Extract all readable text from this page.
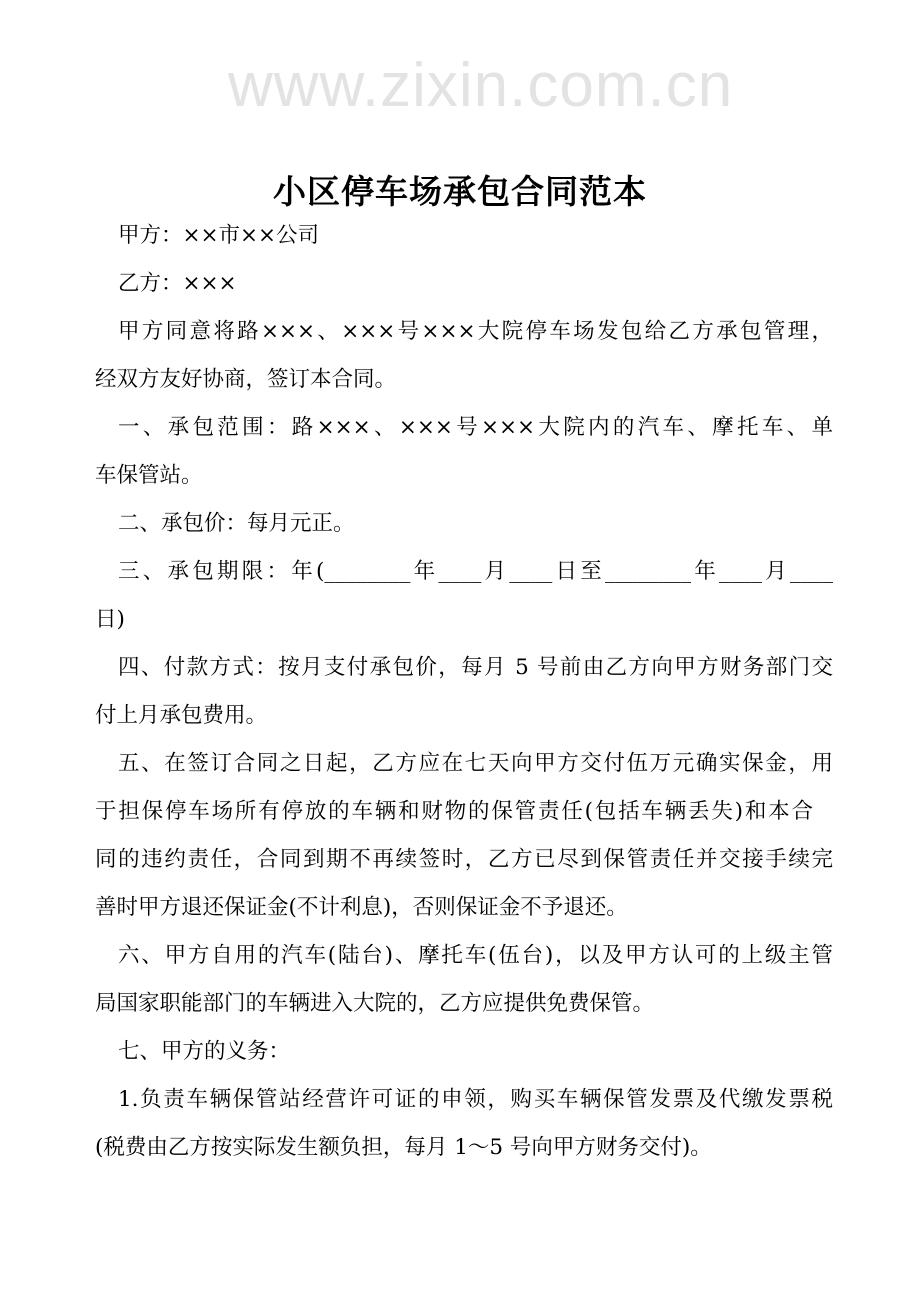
www.zixin.com.cn
小区停车场承包合同范本
甲方：××市××公司
乙方：×××
甲方同意将路×××、×××号×××大院停车场发包给乙方承包管理，
经双方友好协商，签订本合同。
一、承包范围：路×××、×××号×××大院内的汽车、摩托车、单
车保管站。
二、承包价：每月元正。
三、承包期限：年(________年____月____日至________年____月____
日)
四、付款方式：按月支付承包价，每月 5 号前由乙方向甲方财务部门交
付上月承包费用。
五、在签订合同之日起，乙方应在七天向甲方交付伍万元确实保金，用
于担保停车场所有停放的车辆和财物的保管责任(包括车辆丢失)和本合
同的违约责任，合同到期不再续签时，乙方已尽到保管责任并交接手续完
善时甲方退还保证金(不计利息)，否则保证金不予退还。
六、甲方自用的汽车(陆台)、摩托车(伍台)，以及甲方认可的上级主管
局国家职能部门的车辆进入大院的，乙方应提供免费保管。
七、甲方的义务：
1.负责车辆保管站经营许可证的申领，购买车辆保管发票及代缴发票税
(税费由乙方按实际发生额负担，每月 1～5 号向甲方财务交付)。
